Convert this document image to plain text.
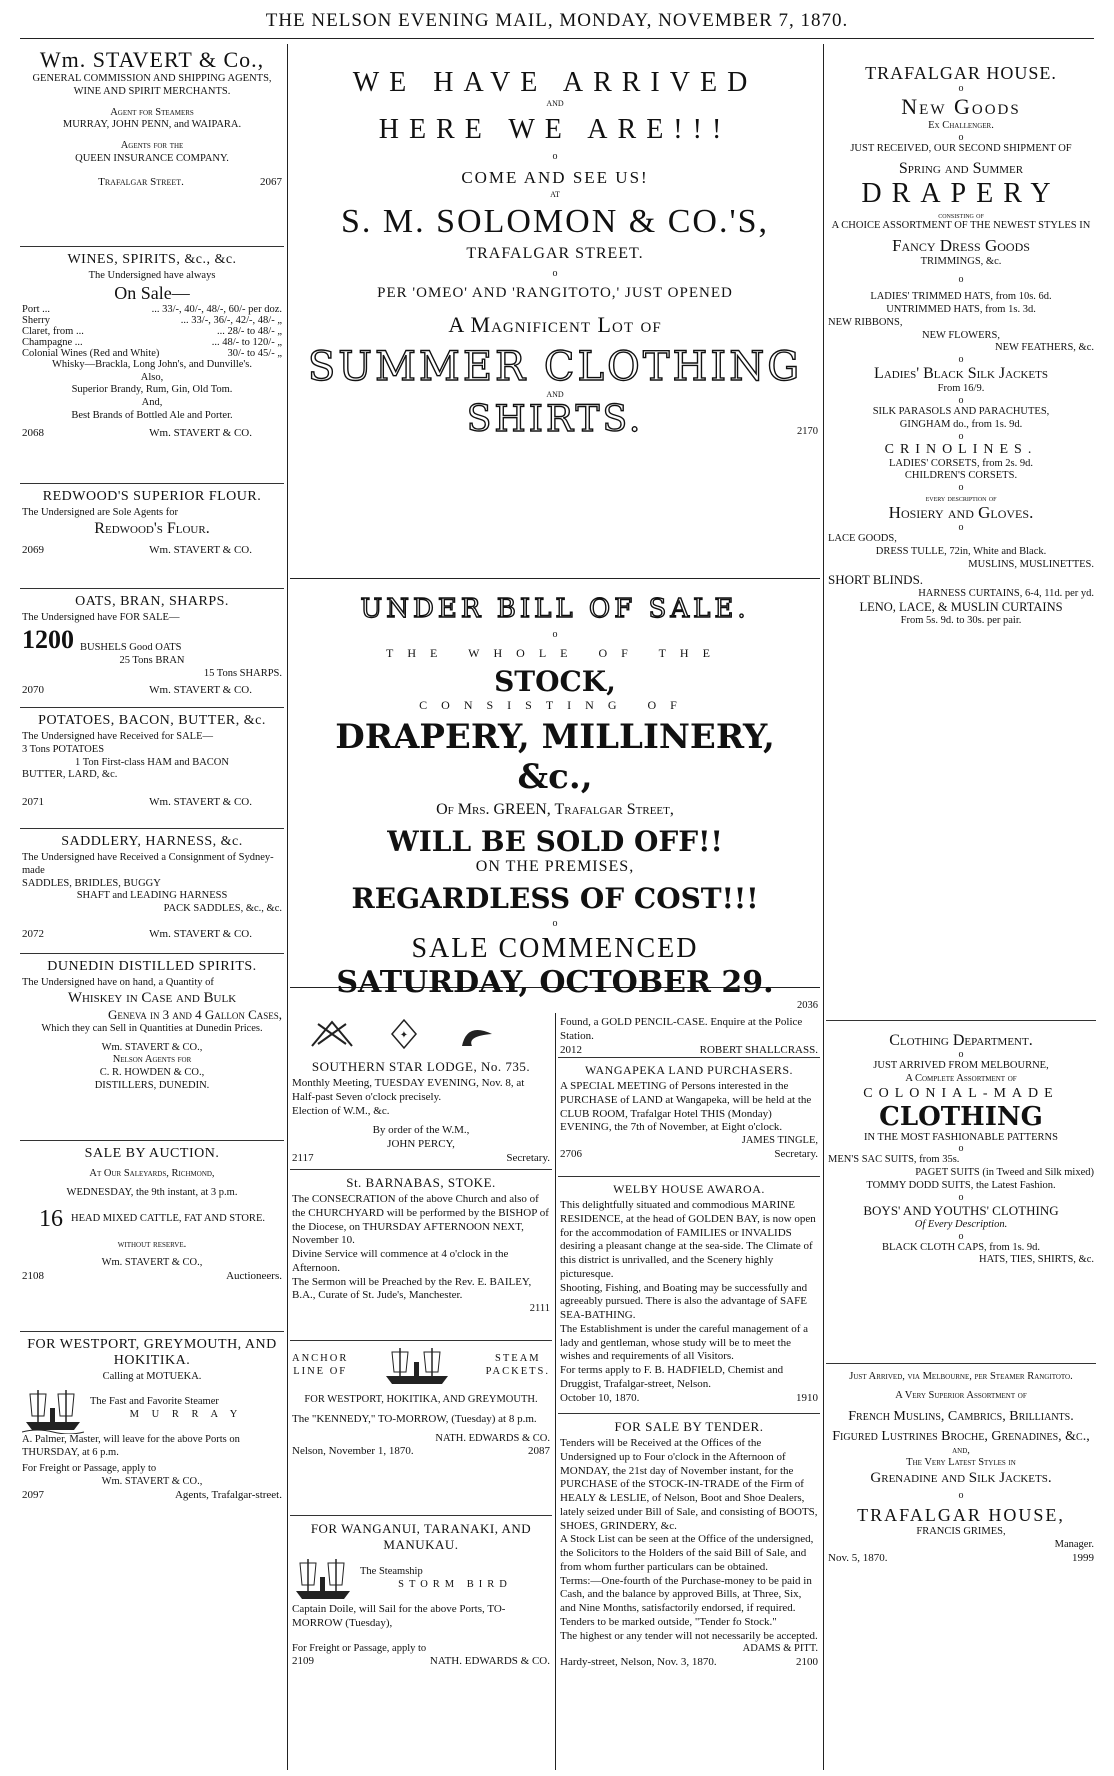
THE NELSON EVENING MAIL, MONDAY, NOVEMBER 7, 1870.
Wm. STAVERT & Co.,
GENERAL COMMISSION AND SHIPPING AGENTS,
WINE AND SPIRIT MERCHANTS.
Agent for Steamers
MURRAY, JOHN PENN, and WAIPARA.
Agents for the
QUEEN INSURANCE COMPANY.
Trafalgar Street.	2067
WINES, SPIRITS, &c., &c.
The Undersigned have always
On Sale—
Port ...	... 33/-, 40/-, 48/-, 60/- per doz.
Sherry	... 33/-, 36/-, 42/-, 48/- „
Claret, from ...	... 28/- to 48/- „
Champagne ...	... 48/- to 120/- „
Colonial Wines (Red and White)	30/- to 45/- „
Whisky—Brackla, Long John's, and Dunville's.
Also,
Superior Brandy, Rum, Gin, Old Tom.
And,
Best Brands of Bottled Ale and Porter.
2068	Wm. STAVERT & CO.
REDWOOD'S SUPERIOR FLOUR.
The Undersigned are Sole Agents for
Redwood's Flour.
2069	Wm. STAVERT & CO.
OATS, BRAN, SHARPS.
The Undersigned have FOR SALE—
1200 BUSHELS Good OATS
25 Tons BRAN
15 Tons SHARPS.
2070	Wm. STAVERT & CO.
POTATOES, BACON, BUTTER, &c.
The Undersigned have Received for SALE—
3 Tons POTATOES
1 Ton First-class HAM and BACON
BUTTER, LARD, &c.
2071	Wm. STAVERT & CO.
SADDLERY, HARNESS, &c.
The Undersigned have Received a Consignment of Sydney-made
SADDLES, BRIDLES, BUGGY
SHAFT and LEADING HARNESS
PACK SADDLES, &c., &c.
2072	Wm. STAVERT & CO.
DUNEDIN DISTILLED SPIRITS.
The Undersigned have on hand, a Quantity of
Whiskey in Case and Bulk
Geneva in 3 and 4 Gallon Cases,
Which they can Sell in Quantities at Dunedin Prices.
Wm. STAVERT & CO.,
Nelson Agents for
C. R. HOWDEN & CO.,
DISTILLERS, DUNEDIN.
SALE BY AUCTION.
At Our Saleyards, Richmond,
WEDNESDAY, the 9th instant, at 3 p.m.
16 HEAD MIXED CATTLE, FAT AND STORE.
without reserve.
Wm. STAVERT & CO.,
2108	Auctioneers.
FOR WESTPORT, GREYMOUTH, AND HOKITIKA.
Calling at MOTUEKA.
The Fast and Favorite Steamer
M U R R A Y
A. Palmer, Master, will leave for the above Ports on THURSDAY, at 6 p.m.
For Freight or Passage, apply to
Wm. STAVERT & CO.,
2097	Agents, Trafalgar-street.
WE HAVE ARRIVED
AND
HERE WE ARE!!!
o
COME AND SEE US!
AT
S. M. SOLOMON & CO.'S,
TRAFALGAR STREET.
o
PER 'OMEO' AND 'RANGITOTO,' JUST OPENED
A Magnificent Lot of
SUMMER CLOTHING
AND
SHIRTS.	2170
UNDER BILL OF SALE.
o
THE WHOLE OF THE
STOCK,
CONSISTING OF
DRAPERY, MILLINERY, &c.,
Of Mrs. GREEN, Trafalgar Street,
WILL BE SOLD OFF!!
ON THE PREMISES,
REGARDLESS OF COST!!!
o
SALE COMMENCED
SATURDAY, OCTOBER 29.
2036
✦
SOUTHERN STAR LODGE, No. 735.
Monthly Meeting, TUESDAY EVENING, Nov. 8, at Half-past Seven o'clock precisely.
Election of W.M., &c.
By order of the W.M.,
JOHN PERCY,
2117	Secretary.
St. BARNABAS, STOKE.
The CONSECRATION of the above Church and also of the CHURCHYARD will be performed by the BISHOP of the Diocese, on THURSDAY AFTERNOON NEXT, November 10.
Divine Service will commence at 4 o'clock in the Afternoon.
The Sermon will be Preached by the Rev. E. BAILEY, B.A., Curate of St. Jude's, Manchester.
2111
ANCHOR
LINE OF
STEAM
PACKETS.
FOR WESTPORT, HOKITIKA, AND GREYMOUTH.
The "KENNEDY," TO-MORROW, (Tuesday) at 8 p.m.
NATH. EDWARDS & CO.
Nelson, November 1, 1870.	2087
FOR WANGANUI, TARANAKI, AND MANUKAU.
The Steamship
STORM BIRD
Captain Doile, will Sail for the above Ports, TO-MORROW (Tuesday),
For Freight or Passage, apply to
2109	NATH. EDWARDS & CO.
Found, a GOLD PENCIL-CASE. Enquire at the Police Station.
2012	ROBERT SHALLCRASS.
WANGAPEKA LAND PURCHASERS.
A SPECIAL MEETING of Persons interested in the PURCHASE of LAND at Wangapeka, will be held at the CLUB ROOM, Trafalgar Hotel THIS (Monday) EVENING, the 7th of November, at Eight o'clock.
JAMES TINGLE,
2706	Secretary.
WELBY HOUSE AWAROA.
This delightfully situated and commodious MARINE RESIDENCE, at the head of GOLDEN BAY, is now open for the accommodation of FAMILIES or INVALIDS desiring a pleasant change at the sea-side. The Climate of this district is unrivalled, and the Scenery highly picturesque.
Shooting, Fishing, and Boating may be successfully and agreeably pursued. There is also the advantage of SAFE SEA-BATHING.
The Establishment is under the careful management of a lady and gentleman, whose study will be to meet the wishes and requirements of all Visitors.
For terms apply to F. B. HADFIELD, Chemist and Druggist, Trafalgar-street, Nelson.
October 10, 1870.	1910
FOR SALE BY TENDER.
Tenders will be Received at the Offices of the Undersigned up to Four o'clock in the Afternoon of MONDAY, the 21st day of November instant, for the PURCHASE of the STOCK-IN-TRADE of the Firm of HEALY & LESLIE, of Nelson, Boot and Shoe Dealers, lately seized under Bill of Sale, and consisting of BOOTS, SHOES, GRINDERY, &c.
A Stock List can be seen at the Office of the undersigned, the Solicitors to the Holders of the said Bill of Sale, and from whom further particulars can be obtained.
Terms:—One-fourth of the Purchase-money to be paid in Cash, and the balance by approved Bills, at Three, Six, and Nine Months, satisfactorily endorsed, if required.
Tenders to be marked outside, "Tender fo Stock."
The highest or any tender will not necessarily be accepted.
ADAMS & PITT.
Hardy-street, Nelson, Nov. 3, 1870.	2100
TRAFALGAR HOUSE.
o
New Goods
Ex Challenger.
o
JUST RECEIVED, OUR SECOND SHIPMENT OF
Spring and Summer
DRAPERY
consisting of
A CHOICE ASSORTMENT OF THE NEWEST STYLES IN
Fancy Dress Goods
TRIMMINGS, &c.
o
LADIES' TRIMMED HATS, from 10s. 6d.
UNTRIMMED HATS, from 1s. 3d.
NEW RIBBONS,
NEW FLOWERS,
NEW FEATHERS, &c.
o
Ladies' Black Silk Jackets
From 16/9.
o
SILK PARASOLS AND PARACHUTES,
GINGHAM do., from 1s. 9d.
o
CRINOLINES.
LADIES' CORSETS, from 2s. 9d.
CHILDREN'S CORSETS.
o
every description of
Hosiery and Gloves.
o
LACE GOODS,
DRESS TULLE, 72in, White and Black.
MUSLINS, MUSLINETTES.
SHORT BLINDS.
HARNESS CURTAINS, 6-4, 11d. per yd.
LENO, LACE, & MUSLIN CURTAINS
From 5s. 9d. to 30s. per pair.
Clothing Department.
o
JUST ARRIVED FROM MELBOURNE,
A Complete Assortment of
COLONIAL-MADE
CLOTHING
IN THE MOST FASHIONABLE PATTERNS
o
MEN'S SAC SUITS, from 35s.
PAGET SUITS (in Tweed and Silk mixed)
TOMMY DODD SUITS, the Latest Fashion.
o
BOYS' AND YOUTHS' CLOTHING
Of Every Description.
o
BLACK CLOTH CAPS, from 1s. 9d.
HATS, TIES, SHIRTS, &c.
Just Arrived, via Melbourne, per Steamer Rangitoto.
A Very Superior Assortment of
French Muslins, Cambrics, Brilliants.
Figured Lustrines Broche, Grenadines, &c.,
and,
The Very Latest Styles in
Grenadine and Silk Jackets.
o
TRAFALGAR HOUSE,
FRANCIS GRIMES,
Manager.
Nov. 5, 1870.	1999
